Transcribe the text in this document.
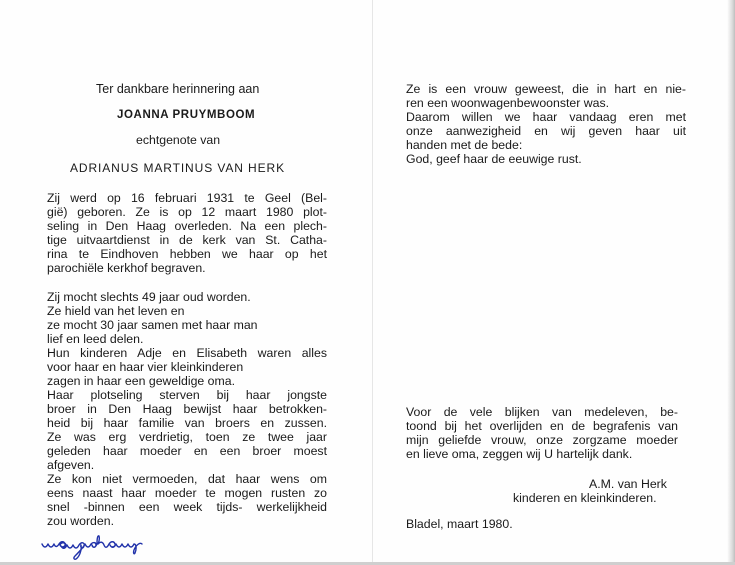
Ter dankbare herinnering aan
JOANNA PRUYMBOOM
echtgenote van
ADRIANUS MARTINUS VAN HERK
Zij werd op 16 februari 1931 te Geel (Bel-
gië) geboren. Ze is op 12 maart 1980 plot-
seling in Den Haag overleden. Na een plech-
tige uitvaartdienst in de kerk van St. Catha-
rina te Eindhoven hebben we haar op het
parochiële kerkhof begraven.
Zij mocht slechts 49 jaar oud worden.
Ze hield van het leven en
ze mocht 30 jaar samen met haar man
lief en leed delen.
Hun kinderen Adje en Elisabeth waren alles
voor haar en haar vier kleinkinderen
zagen in haar een geweldige oma.
Haar plotseling sterven bij haar jongste
broer in Den Haag bewijst haar betrokken-
heid bij haar familie van broers en zussen.
Ze was erg verdrietig, toen ze twee jaar
geleden haar moeder en een broer moest
afgeven.
Ze kon niet vermoeden, dat haar wens om
eens naast haar moeder te mogen rusten zo
snel -binnen een week tijds- werkelijkheid
zou worden.
Ze is een vrouw geweest, die in hart en nie-
ren een woonwagenbewoonster was.
Daarom willen we haar vandaag eren met
onze aanwezigheid en wij geven haar uit
handen met de bede:
God, geef haar de eeuwige rust.
Voor de vele blijken van medeleven, be-
toond bij het overlijden en de begrafenis van
mijn geliefde vrouw, onze zorgzame moeder
en lieve oma, zeggen wij U hartelijk dank.
A.M. van Herk
kinderen en kleinkinderen.
Bladel, maart 1980.
